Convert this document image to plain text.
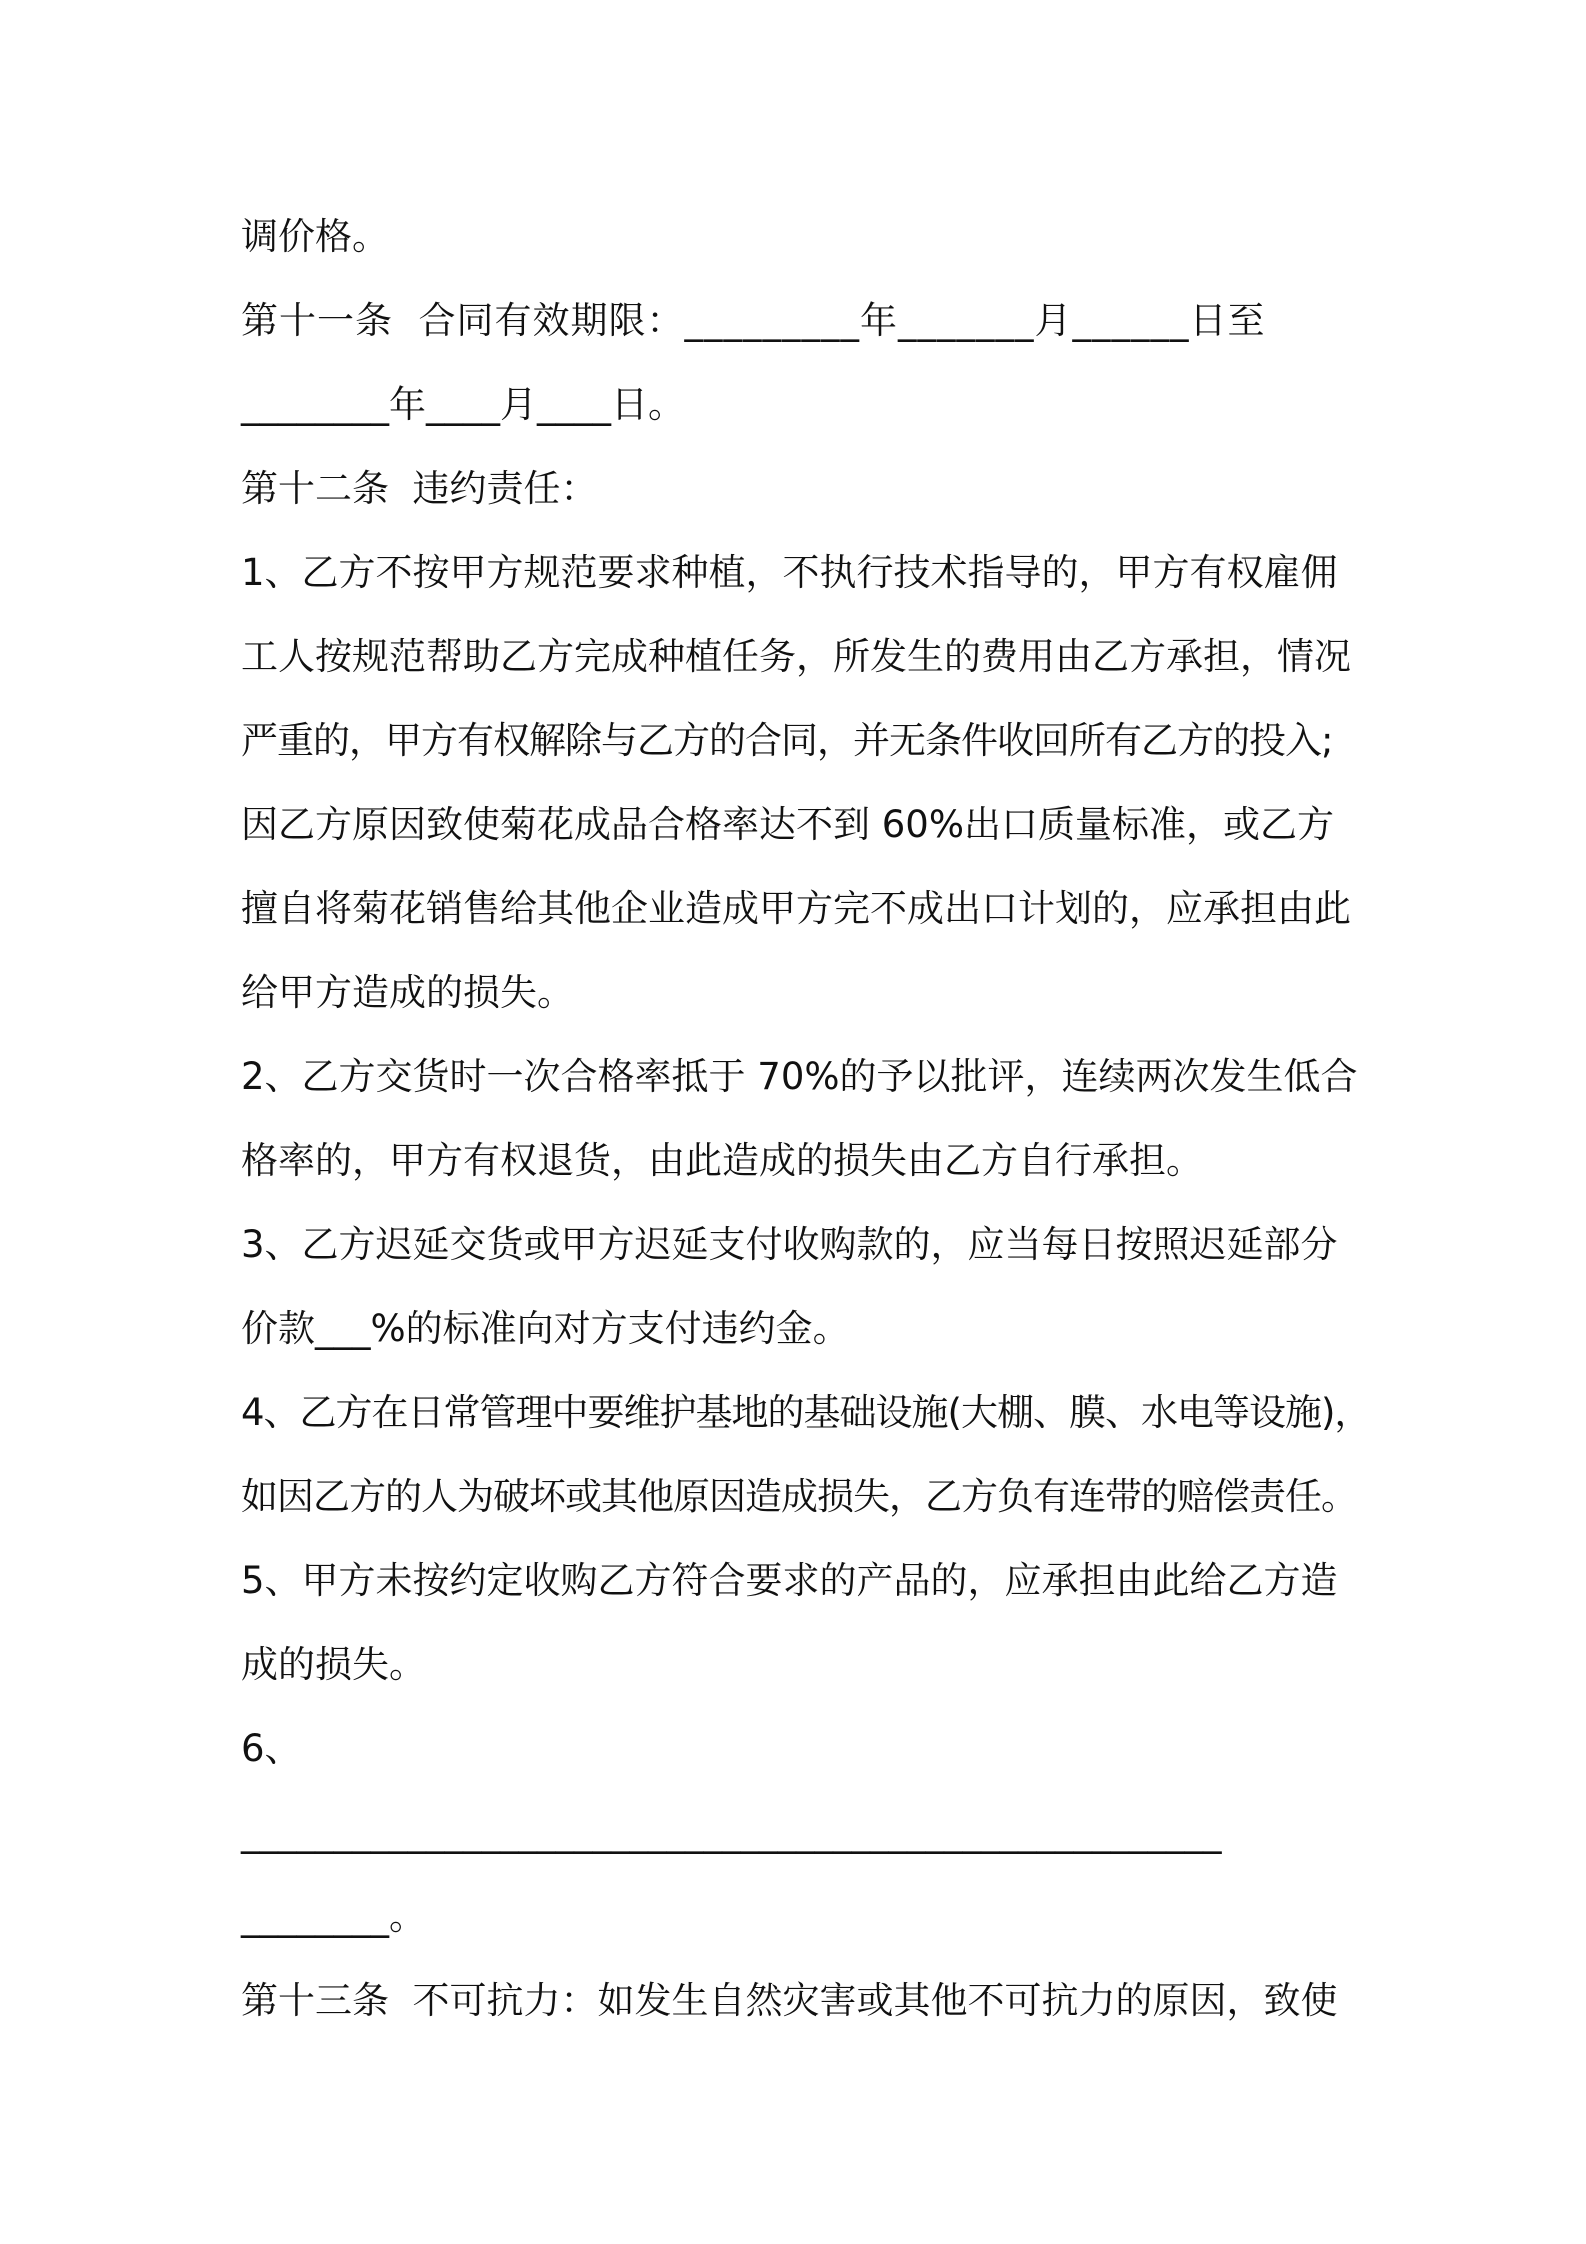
调价格。
第十一条  合同有效期限：_________年_______月______日至
________年____月____日。
第十二条  违约责任：
1、乙方不按甲方规范要求种植，不执行技术指导的，甲方有权雇佣
工人按规范帮助乙方完成种植任务，所发生的费用由乙方承担，情况
严重的，甲方有权解除与乙方的合同，并无条件收回所有乙方的投入;
因乙方原因致使菊花成品合格率达不到 60%出口质量标准，或乙方
擅自将菊花销售给其他企业造成甲方完不成出口计划的，应承担由此
给甲方造成的损失。
2、乙方交货时一次合格率抵于 70%的予以批评，连续两次发生低合
格率的，甲方有权退货，由此造成的损失由乙方自行承担。
3、乙方迟延交货或甲方迟延支付收购款的，应当每日按照迟延部分
价款___%的标准向对方支付违约金。
4、乙方在日常管理中要维护基地的基础设施(大棚、膜、水电等设施)，
如因乙方的人为破坏或其他原因造成损失，乙方负有连带的赔偿责任。
5、甲方未按约定收购乙方符合要求的产品的，应承担由此给乙方造
成的损失。
6、
_____________________________________________________
________。
第十三条  不可抗力：如发生自然灾害或其他不可抗力的原因，致使
